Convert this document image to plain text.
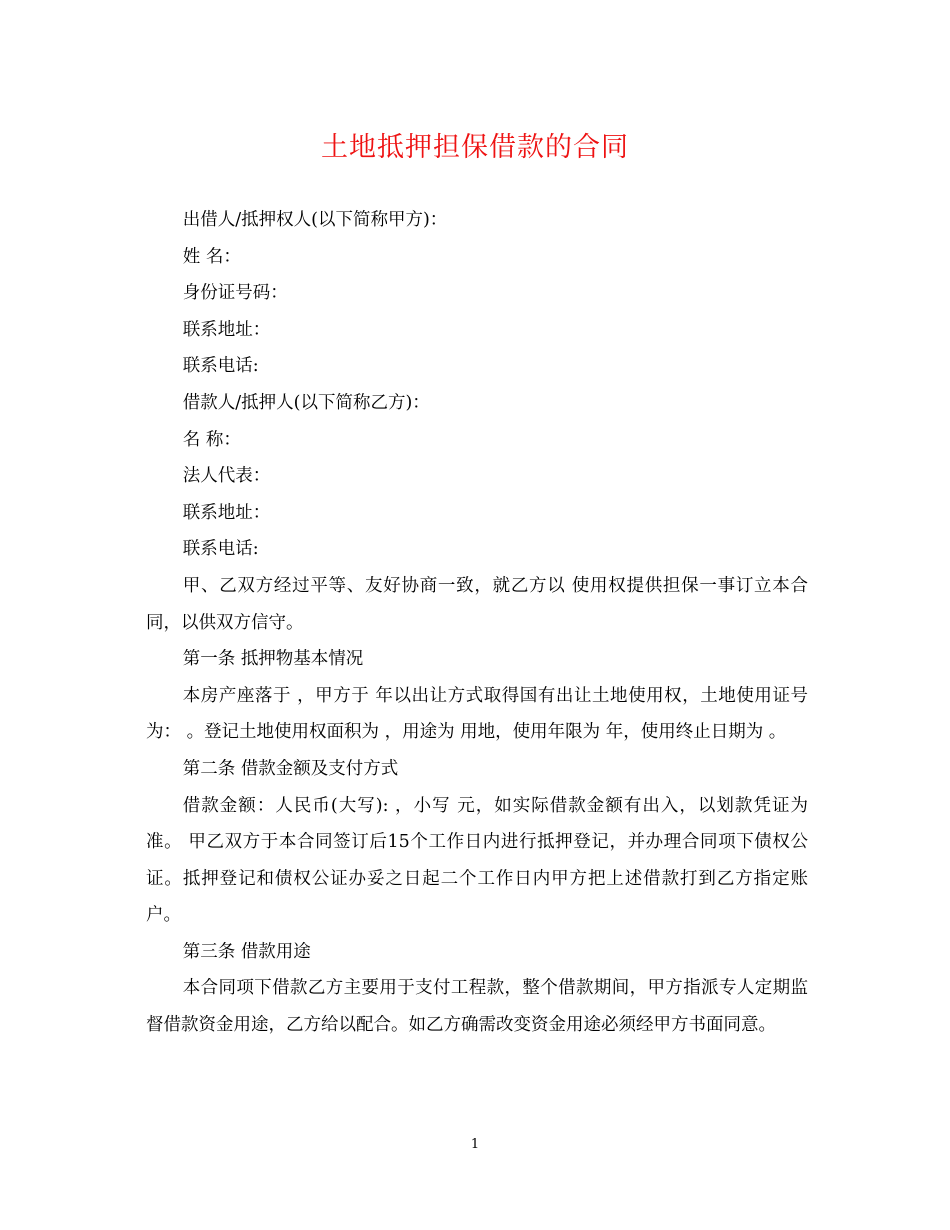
土地抵押担保借款的合同

出借人/抵押权人(以下简称甲方)：

姓 名：

身份证号码：

联系地址：

联系电话:

借款人/抵押人(以下简称乙方)：

名 称：

法人代表：

联系地址：

联系电话:

甲、乙双方经过平等、友好协商一致，就乙方以 使用权提供担保一事订立本合同，以供双方信守。

第一条 抵押物基本情况

本房产座落于 ，甲方于 年以出让方式取得国有出让土地使用权，土地使用证号为： 。登记土地使用权面积为 ，用途为 用地，使用年限为 年，使用终止日期为 。

第二条 借款金额及支付方式

借款金额：人民币(大写): ，小写 元，如实际借款金额有出入，以划款凭证为准。 甲乙双方于本合同签订后15个工作日内进行抵押登记，并办理合同项下债权公证。抵押登记和债权公证办妥之日起二个工作日内甲方把上述借款打到乙方指定账户。

第三条 借款用途

本合同项下借款乙方主要用于支付工程款，整个借款期间，甲方指派专人定期监督借款资金用途，乙方给以配合。如乙方确需改变资金用途必须经甲方书面同意。

1
